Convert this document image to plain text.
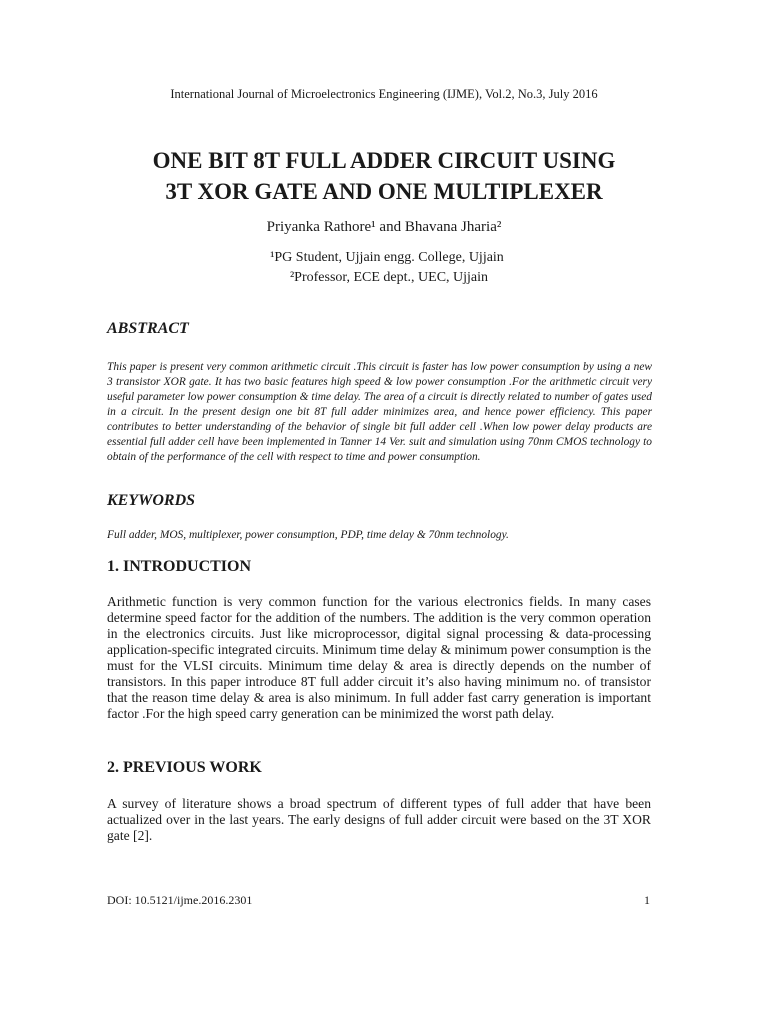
International Journal of Microelectronics Engineering (IJME), Vol.2, No.3, July 2016
ONE BIT 8T FULL ADDER CIRCUIT USING
3T XOR GATE AND ONE MULTIPLEXER
Priyanka Rathore¹ and Bhavana Jharia²
¹PG Student, Ujjain engg. College, Ujjain
²Professor, ECE dept., UEC, Ujjain
ABSTRACT

This paper is present very common arithmetic circuit .This circuit is faster has low power consumption by using a new 3 transistor XOR gate. It has two basic features high speed & low power consumption .For the arithmetic circuit very useful parameter low power consumption & time delay. The area of a circuit is directly related to number of gates used in a circuit. In the present design one bit 8T full adder minimizes area, and hence power efficiency. This paper contributes to better understanding of the behavior of single bit full adder cell .When low power delay products are essential full adder cell have been implemented in Tanner 14 Ver. suit and simulation using 70nm CMOS technology to obtain of the performance of the cell with respect to time and power consumption.

KEYWORDS

Full adder, MOS, multiplexer, power consumption, PDP, time delay & 70nm technology.

1. INTRODUCTION

Arithmetic function is very common function for the various electronics fields. In many cases determine speed factor for the addition of the numbers. The addition is the very common operation in the electronics circuits. Just like microprocessor, digital signal processing & data-processing application-specific integrated circuits. Minimum time delay & minimum power consumption is the must for the VLSI circuits. Minimum time delay & area is directly depends on the number of transistors. In this paper introduce 8T full adder circuit it’s also having minimum no. of transistor that the reason time delay & area is also minimum. In full adder fast carry generation is important factor .For the high speed carry generation can be minimized the worst path delay.

2. PREVIOUS WORK

A survey of literature shows a broad spectrum of different types of full adder that have been actualized over in the last years. The early designs of full adder circuit were based on the 3T XOR gate [2].

DOI: 10.5121/ijme.2016.2301	1
